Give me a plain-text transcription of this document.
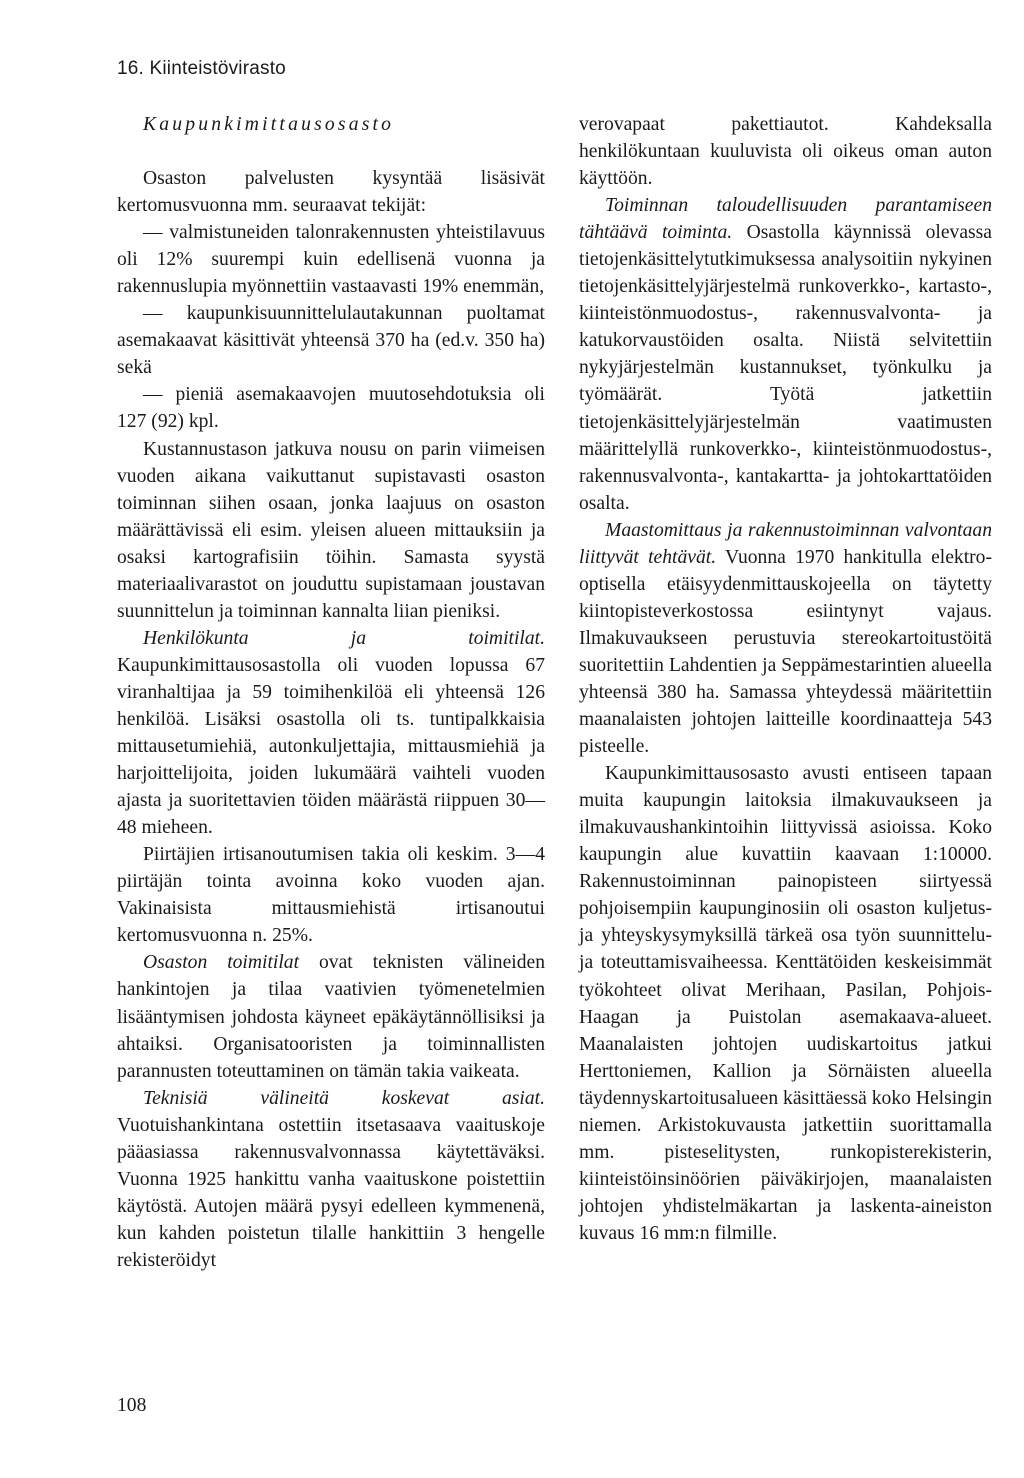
16. Kiinteistövirasto

Kaupunkimittausosasto

Osaston palvelusten kysyntää lisäsivät kertomusvuonna mm. seuraavat tekijät:

— valmistuneiden talonrakennusten yhteistilavuus oli 12% suurempi kuin edellisenä vuonna ja rakennuslupia myönnettiin vastaavasti 19% enemmän,

— kaupunkisuunnittelulautakunnan puoltamat asemakaavat käsittivät yhteensä 370 ha (ed.v. 350 ha) sekä

— pieniä asemakaavojen muutosehdotuksia oli 127 (92) kpl.

Kustannustason jatkuva nousu on parin viimeisen vuoden aikana vaikuttanut supistavasti osaston toiminnan siihen osaan, jonka laajuus on osaston määrättävissä eli esim. yleisen alueen mittauksiin ja osaksi kartografisiin töihin. Samasta syystä materiaalivarastot on jouduttu supistamaan joustavan suunnittelun ja toiminnan kannalta liian pieniksi.

Henkilökunta ja toimitilat. Kaupunkimittausosastolla oli vuoden lopussa 67 viranhaltijaa ja 59 toimihenkilöä eli yhteensä 126 henkilöä. Lisäksi osastolla oli ts. tuntipalkkaisia mittausetumiehiä, autonkuljettajia, mittausmiehiä ja harjoittelijoita, joiden lukumäärä vaihteli vuoden ajasta ja suoritettavien töiden määrästä riippuen 30—48 mieheen.

Piirtäjien irtisanoutumisen takia oli keskim. 3—4 piirtäjän tointa avoinna koko vuoden ajan. Vakinaisista mittausmiehistä irtisanoutui kertomusvuonna n. 25%.

Osaston toimitilat ovat teknisten välineiden hankintojen ja tilaa vaativien työmenetelmien lisääntymisen johdosta käyneet epäkäytännöllisiksi ja ahtaiksi. Organisatooristen ja toiminnallisten parannusten toteuttaminen on tämän takia vaikeata.

Teknisiä välineitä koskevat asiat. Vuotuishankintana ostettiin itsetasaava vaaituskoje pääasiassa rakennusvalvonnassa käytettäväksi. Vuonna 1925 hankittu vanha vaaituskone poistettiin käytöstä. Autojen määrä pysyi edelleen kymmenenä, kun kahden poistetun tilalle hankittiin 3 hengelle rekisteröidyt

verovapaat pakettiautot. Kahdeksalla henkilökuntaan kuuluvista oli oikeus oman auton käyttöön.

Toiminnan taloudellisuuden parantamiseen tähtäävä toiminta. Osastolla käynnissä olevassa tietojenkäsittelytutkimuksessa analysoitiin nykyinen tietojenkäsittelyjärjestelmä runkoverkko-, kartasto-, kiinteistönmuodostus-, rakennusvalvonta- ja katukorvaustöiden osalta. Niistä selvitettiin nykyjärjestelmän kustannukset, työnkulku ja työmäärät. Työtä jatkettiin tietojenkäsittelyjärjestelmän vaatimusten määrittelyllä runkoverkko-, kiinteistönmuodostus-, rakennusvalvonta-, kantakartta- ja johtokarttatöiden osalta.

Maastomittaus ja rakennustoiminnan valvontaan liittyvät tehtävät. Vuonna 1970 hankitulla elektro-optisella etäisyydenmittauskojeella on täytetty kiintopisteverkostossa esiintynyt vajaus. Ilmakuvaukseen perustuvia stereokartoitustöitä suoritettiin Lahdentien ja Seppämestarintien alueella yhteensä 380 ha. Samassa yhteydessä määritettiin maanalaisten johtojen laitteille koordinaatteja 543 pisteelle.

Kaupunkimittausosasto avusti entiseen tapaan muita kaupungin laitoksia ilmakuvaukseen ja ilmakuvaushankintoihin liittyvissä asioissa. Koko kaupungin alue kuvattiin kaavaan 1:10000. Rakennustoiminnan painopisteen siirtyessä pohjoisempiin kaupunginosiin oli osaston kuljetus- ja yhteyskysymyksillä tärkeä osa työn suunnittelu- ja toteuttamisvaiheessa. Kenttätöiden keskeisimmät työkohteet olivat Merihaan, Pasilan, Pohjois-Haagan ja Puistolan asemakaava-alueet. Maanalaisten johtojen uudiskartoitus jatkui Herttoniemen, Kallion ja Sörnäisten alueella täydennyskartoitusalueen käsittäessä koko Helsingin niemen. Arkistokuvausta jatkettiin suorittamalla mm. pisteselitysten, runkopisterekisterin, kiinteistöinsinöörien päiväkirjojen, maanalaisten johtojen yhdistelmäkartan ja laskenta-aineiston kuvaus 16 mm:n filmille.

108
